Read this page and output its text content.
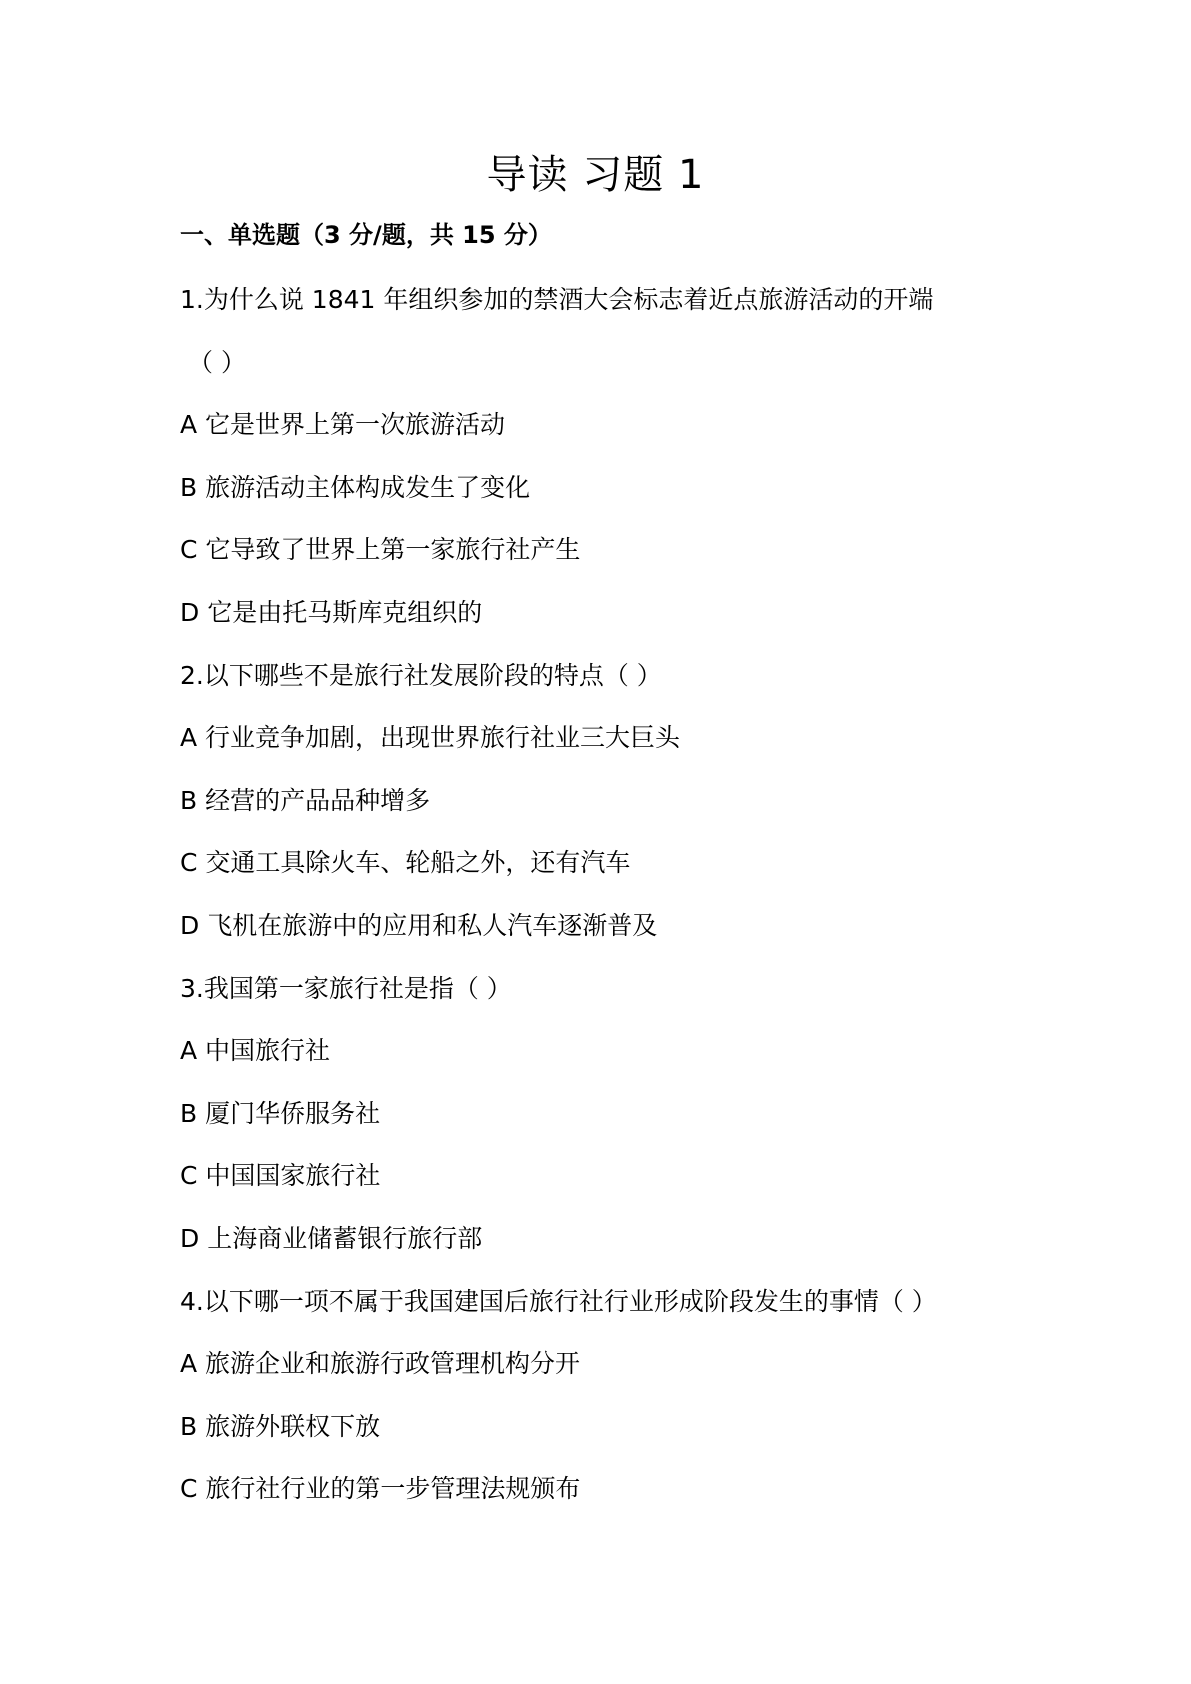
导读 习题 1
一、单选题（3 分/题，共 15 分）
1.为什么说 1841 年组织参加的禁酒大会标志着近点旅游活动的开端
（ ）
A 它是世界上第一次旅游活动
B 旅游活动主体构成发生了变化
C 它导致了世界上第一家旅行社产生
D 它是由托马斯库克组织的
2.以下哪些不是旅行社发展阶段的特点（ ）
A 行业竞争加剧，出现世界旅行社业三大巨头
B 经营的产品品种增多
C 交通工具除火车、轮船之外，还有汽车
D 飞机在旅游中的应用和私人汽车逐渐普及
3.我国第一家旅行社是指（ ）
A 中国旅行社
B 厦门华侨服务社
C 中国国家旅行社
D 上海商业储蓄银行旅行部
4.以下哪一项不属于我国建国后旅行社行业形成阶段发生的事情（ ）
A 旅游企业和旅游行政管理机构分开
B 旅游外联权下放
C 旅行社行业的第一步管理法规颁布
